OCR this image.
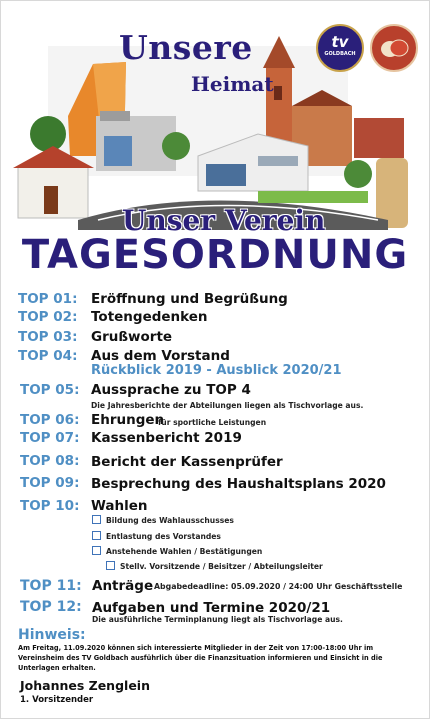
Unsere
Heimat
Unser Verein
tv
GOLDBACH
TAGESORDNUNG
TOP 01: Eröffnung und Begrüßung
TOP 02: Totengedenken
TOP 03: Grußworte
TOP 04: Aus dem Vorstand
Rückblick 2019 - Ausblick 2020/21
TOP 05: Aussprache zu TOP 4
Die Jahresberichte der Abteilungen liegen als Tischvorlage aus.
TOP 06: Ehrungen
für sportliche Leistungen
TOP 07: Kassenbericht 2019
TOP 08: Bericht der Kassenprüfer
TOP 09: Besprechung des Haushaltsplans 2020
TOP 10: Wahlen
Bildung des Wahlausschusses
Entlastung des Vorstandes
Anstehende Wahlen / Bestätigungen
Stellv. Vorsitzende / Beisitzer / Abteilungsleiter
TOP 11: Anträge Abgabedeadline: 05.09.2020 / 24:00 Uhr Geschäftsstelle
TOP 12: Aufgaben und Termine 2020/21
Die ausführliche Terminplanung liegt als Tischvorlage aus.
Hinweis:
Am Freitag, 11.09.2020 können sich interessierte Mitglieder in der Zeit von 17:00-18:00 Uhr im Vereinsheim des TV Goldbach ausführlich über die Finanzsituation informieren und Einsicht in die Unterlagen erhalten.
Johannes Zenglein
1. Vorsitzender
